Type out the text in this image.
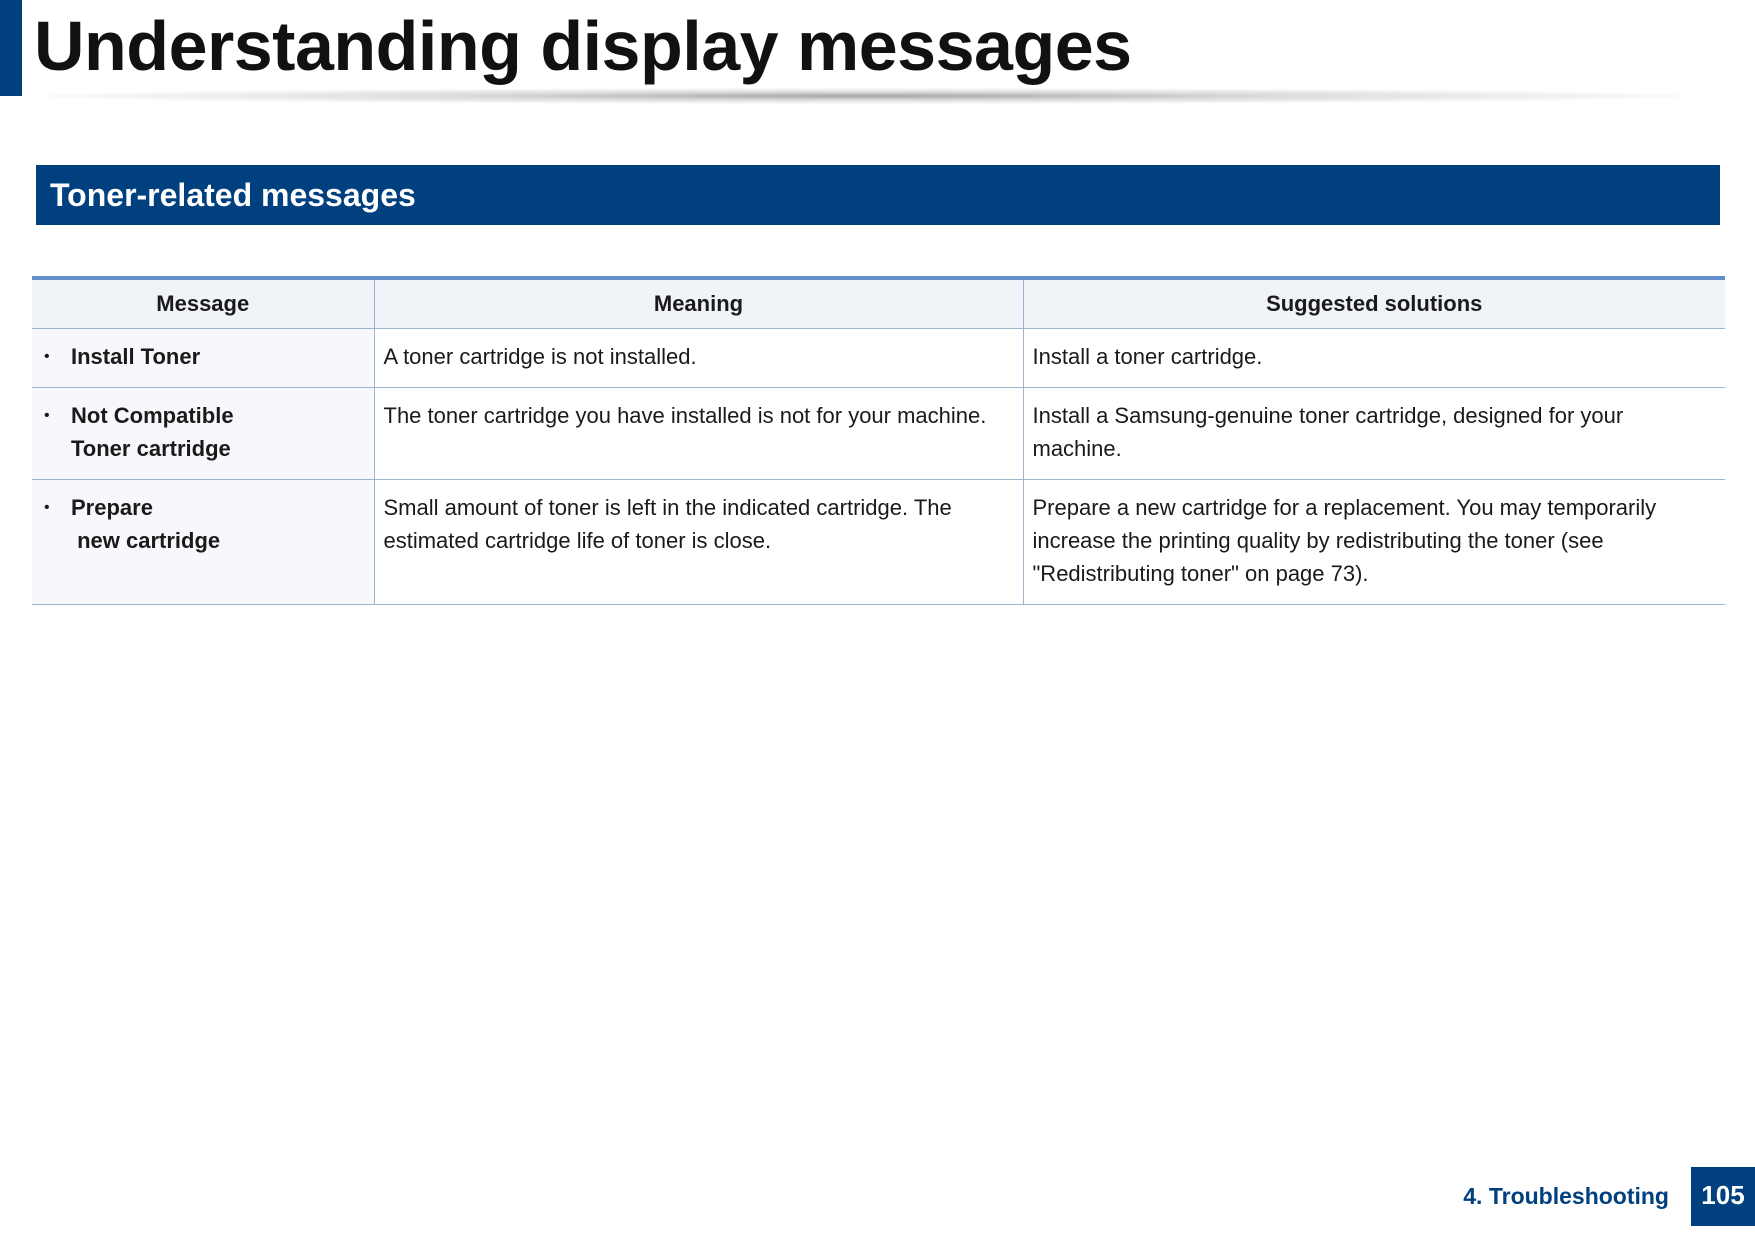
Understanding display messages
Toner-related messages
Message	Meaning	Suggested solutions

• Install Toner	A toner cartridge is not installed.	Install a toner cartridge.

• Not Compatible
Toner cartridge	The toner cartridge you have installed is not for your machine.	Install a Samsung-genuine toner cartridge, designed for your machine.

• Prepare
new cartridge	Small amount of toner is left in the indicated cartridge. The estimated cartridge life of toner is close.	Prepare a new cartridge for a replacement. You may temporarily increase the printing quality by redistributing the toner (see "Redistributing toner" on page 73).
4. Troubleshooting	105
